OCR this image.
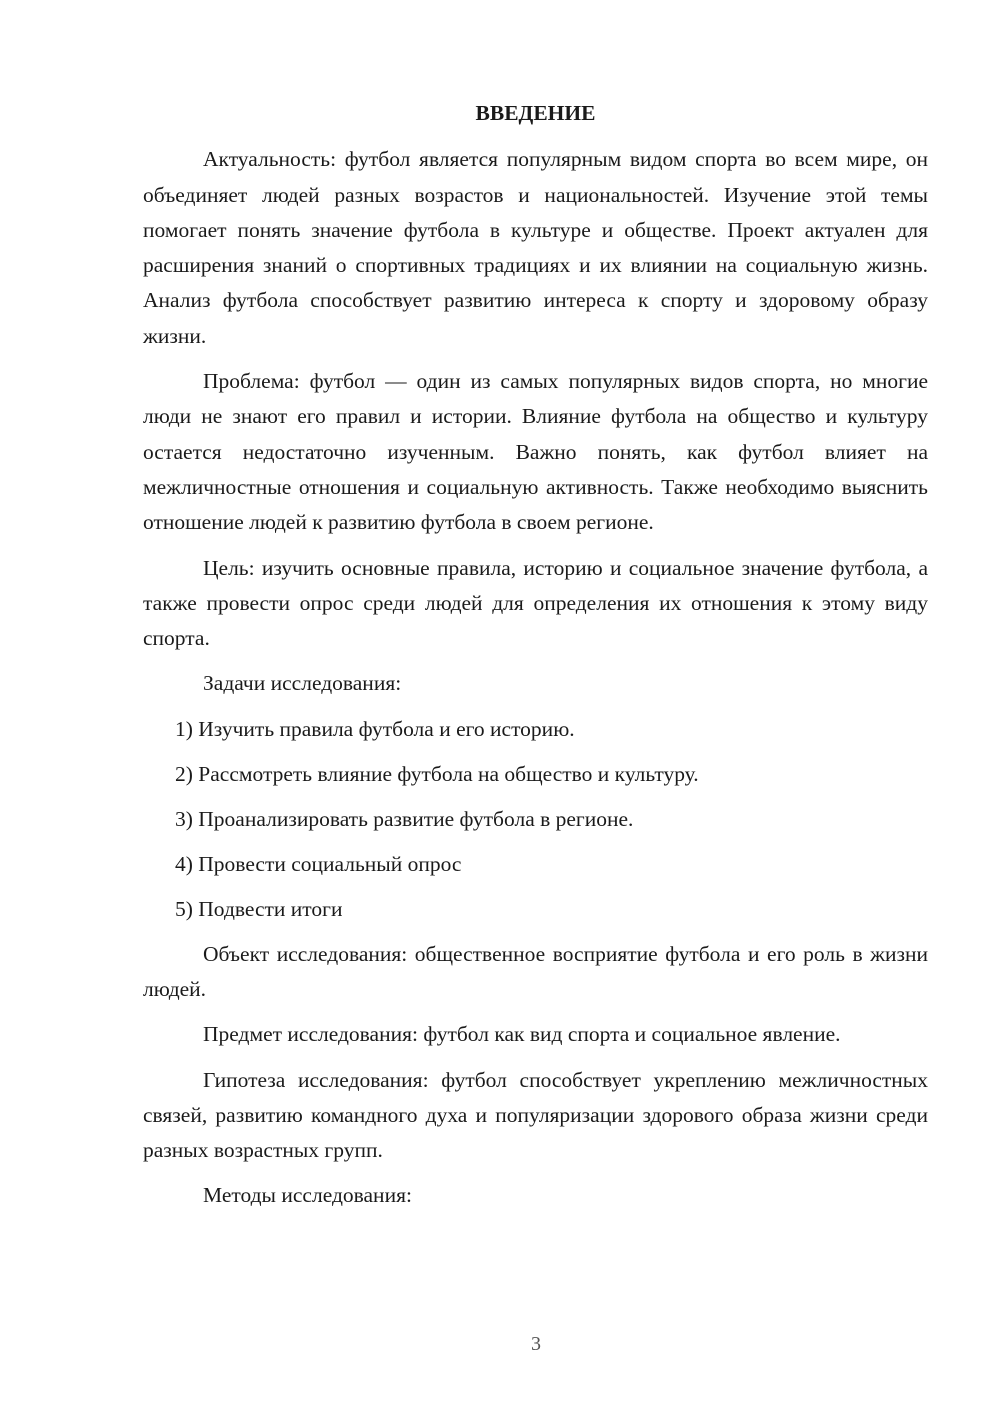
ВВЕДЕНИЕ

Актуальность: футбол является популярным видом спорта во всем мире, он объединяет людей разных возрастов и национальностей. Изучение этой темы помогает понять значение футбола в культуре и обществе. Проект актуален для расширения знаний о спортивных традициях и их влиянии на социальную жизнь. Анализ футбола способствует развитию интереса к спорту и здоровому образу жизни.

Проблема: футбол — один из самых популярных видов спорта, но многие люди не знают его правил и истории. Влияние футбола на общество и культуру остается недостаточно изученным. Важно понять, как футбол влияет на межличностные отношения и социальную активность. Также необходимо выяснить отношение людей к развитию футбола в своем регионе.

Цель: изучить основные правила, историю и социальное значение футбола, а также провести опрос среди людей для определения их отношения к этому виду спорта.

Задачи исследования:

1) Изучить правила футбола и его историю.
2) Рассмотреть влияние футбола на общество и культуру.
3) Проанализировать развитие футбола в регионе.
4) Провести социальный опрос
5) Подвести итоги

Объект исследования: общественное восприятие футбола и его роль в жизни людей.

Предмет исследования: футбол как вид спорта и социальное явление.

Гипотеза исследования: футбол способствует укреплению межличностных связей, развитию командного духа и популяризации здорового образа жизни среди разных возрастных групп.

Методы исследования:

3
